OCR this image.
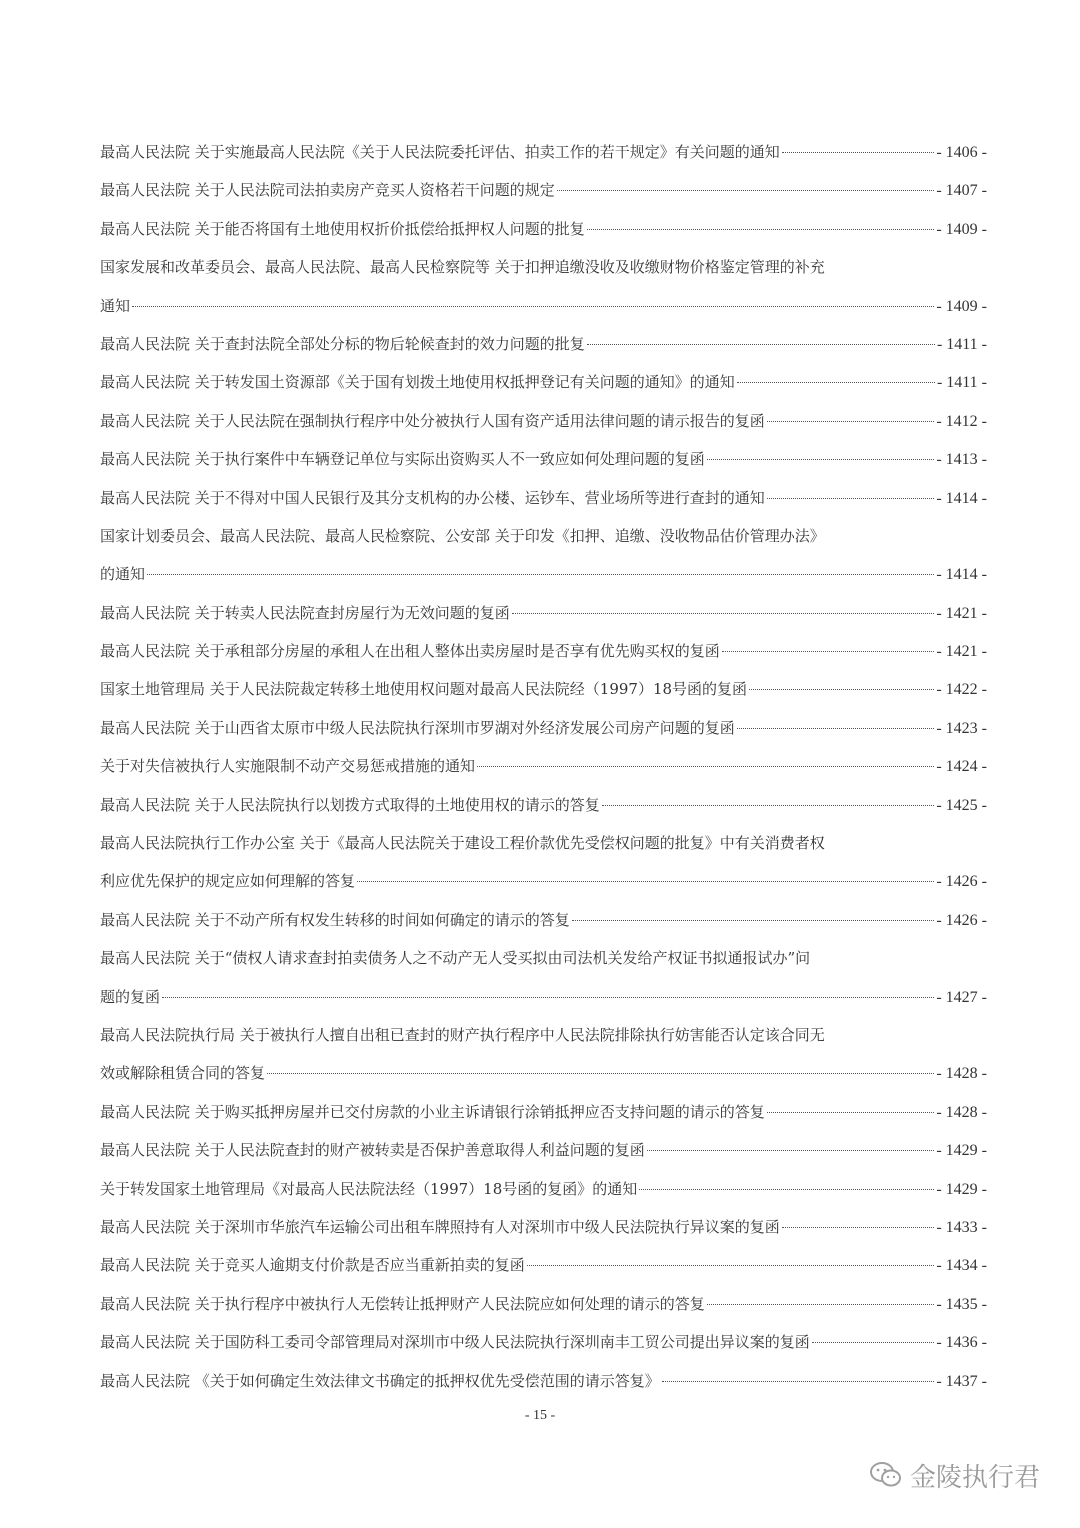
最高人民法院 关于实施最高人民法院《关于人民法院委托评估、拍卖工作的若干规定》有关问题的通知	- 1406 -
最高人民法院 关于人民法院司法拍卖房产竞买人资格若干问题的规定	- 1407 -
最高人民法院 关于能否将国有土地使用权折价抵偿给抵押权人问题的批复	- 1409 -
国家发展和改革委员会、最高人民法院、最高人民检察院等 关于扣押追缴没收及收缴财物价格鉴定管理的补充
通知	- 1409 -
最高人民法院 关于查封法院全部处分标的物后轮候查封的效力问题的批复	- 1411 -
最高人民法院 关于转发国土资源部《关于国有划拨土地使用权抵押登记有关问题的通知》的通知	- 1411 -
最高人民法院 关于人民法院在强制执行程序中处分被执行人国有资产适用法律问题的请示报告的复函	- 1412 -
最高人民法院 关于执行案件中车辆登记单位与实际出资购买人不一致应如何处理问题的复函	- 1413 -
最高人民法院 关于不得对中国人民银行及其分支机构的办公楼、运钞车、营业场所等进行查封的通知	- 1414 -
国家计划委员会、最高人民法院、最高人民检察院、公安部 关于印发《扣押、追缴、没收物品估价管理办法》
的通知	- 1414 -
最高人民法院 关于转卖人民法院查封房屋行为无效问题的复函	- 1421 -
最高人民法院 关于承租部分房屋的承租人在出租人整体出卖房屋时是否享有优先购买权的复函	- 1421 -
国家土地管理局 关于人民法院裁定转移土地使用权问题对最高人民法院经（1997）18号函的复函	- 1422 -
最高人民法院 关于山西省太原市中级人民法院执行深圳市罗湖对外经济发展公司房产问题的复函	- 1423 -
关于对失信被执行人实施限制不动产交易惩戒措施的通知	- 1424 -
最高人民法院 关于人民法院执行以划拨方式取得的土地使用权的请示的答复	- 1425 -
最高人民法院执行工作办公室 关于《最高人民法院关于建设工程价款优先受偿权问题的批复》中有关消费者权
利应优先保护的规定应如何理解的答复	- 1426 -
最高人民法院 关于不动产所有权发生转移的时间如何确定的请示的答复	- 1426 -
最高人民法院 关于“债权人请求查封拍卖债务人之不动产无人受买拟由司法机关发给产权证书拟通报试办”问
题的复函	- 1427 -
最高人民法院执行局 关于被执行人擅自出租已查封的财产执行程序中人民法院排除执行妨害能否认定该合同无
效或解除租赁合同的答复	- 1428 -
最高人民法院 关于购买抵押房屋并已交付房款的小业主诉请银行涂销抵押应否支持问题的请示的答复	- 1428 -
最高人民法院 关于人民法院查封的财产被转卖是否保护善意取得人利益问题的复函	- 1429 -
关于转发国家土地管理局《对最高人民法院法经（1997）18号函的复函》的通知	- 1429 -
最高人民法院 关于深圳市华旅汽车运输公司出租车牌照持有人对深圳市中级人民法院执行异议案的复函	- 1433 -
最高人民法院 关于竞买人逾期支付价款是否应当重新拍卖的复函	- 1434 -
最高人民法院 关于执行程序中被执行人无偿转让抵押财产人民法院应如何处理的请示的答复	- 1435 -
最高人民法院 关于国防科工委司令部管理局对深圳市中级人民法院执行深圳南丰工贸公司提出异议案的复函	- 1436 -
最高人民法院 《关于如何确定生效法律文书确定的抵押权优先受偿范围的请示答复》	- 1437 -
- 15 -
金陵执行君
